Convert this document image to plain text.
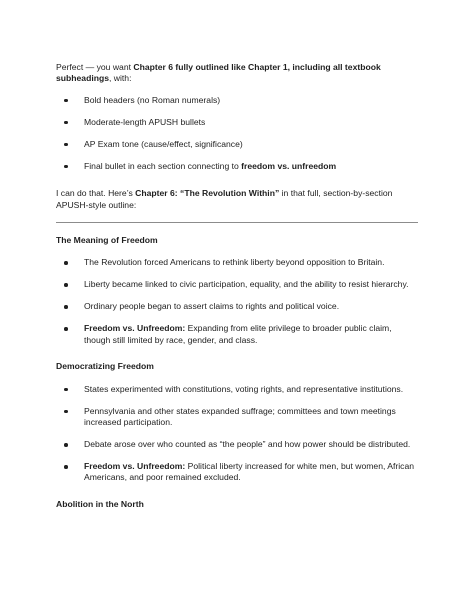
Perfect — you want Chapter 6 fully outlined like Chapter 1, including all textbook subheadings, with:

Bold headers (no Roman numerals)
Moderate-length APUSH bullets
AP Exam tone (cause/effect, significance)
Final bullet in each section connecting to freedom vs. unfreedom

I can do that. Here’s Chapter 6: “The Revolution Within” in that full, section-by-section APUSH-style outline:

The Meaning of Freedom
The Revolution forced Americans to rethink liberty beyond opposition to Britain.
Liberty became linked to civic participation, equality, and the ability to resist hierarchy.
Ordinary people began to assert claims to rights and political voice.
Freedom vs. Unfreedom: Expanding from elite privilege to broader public claim, though still limited by race, gender, and class.
Democratizing Freedom
States experimented with constitutions, voting rights, and representative institutions.
Pennsylvania and other states expanded suffrage; committees and town meetings increased participation.
Debate arose over who counted as “the people” and how power should be distributed.
Freedom vs. Unfreedom: Political liberty increased for white men, but women, African Americans, and poor remained excluded.
Abolition in the North
